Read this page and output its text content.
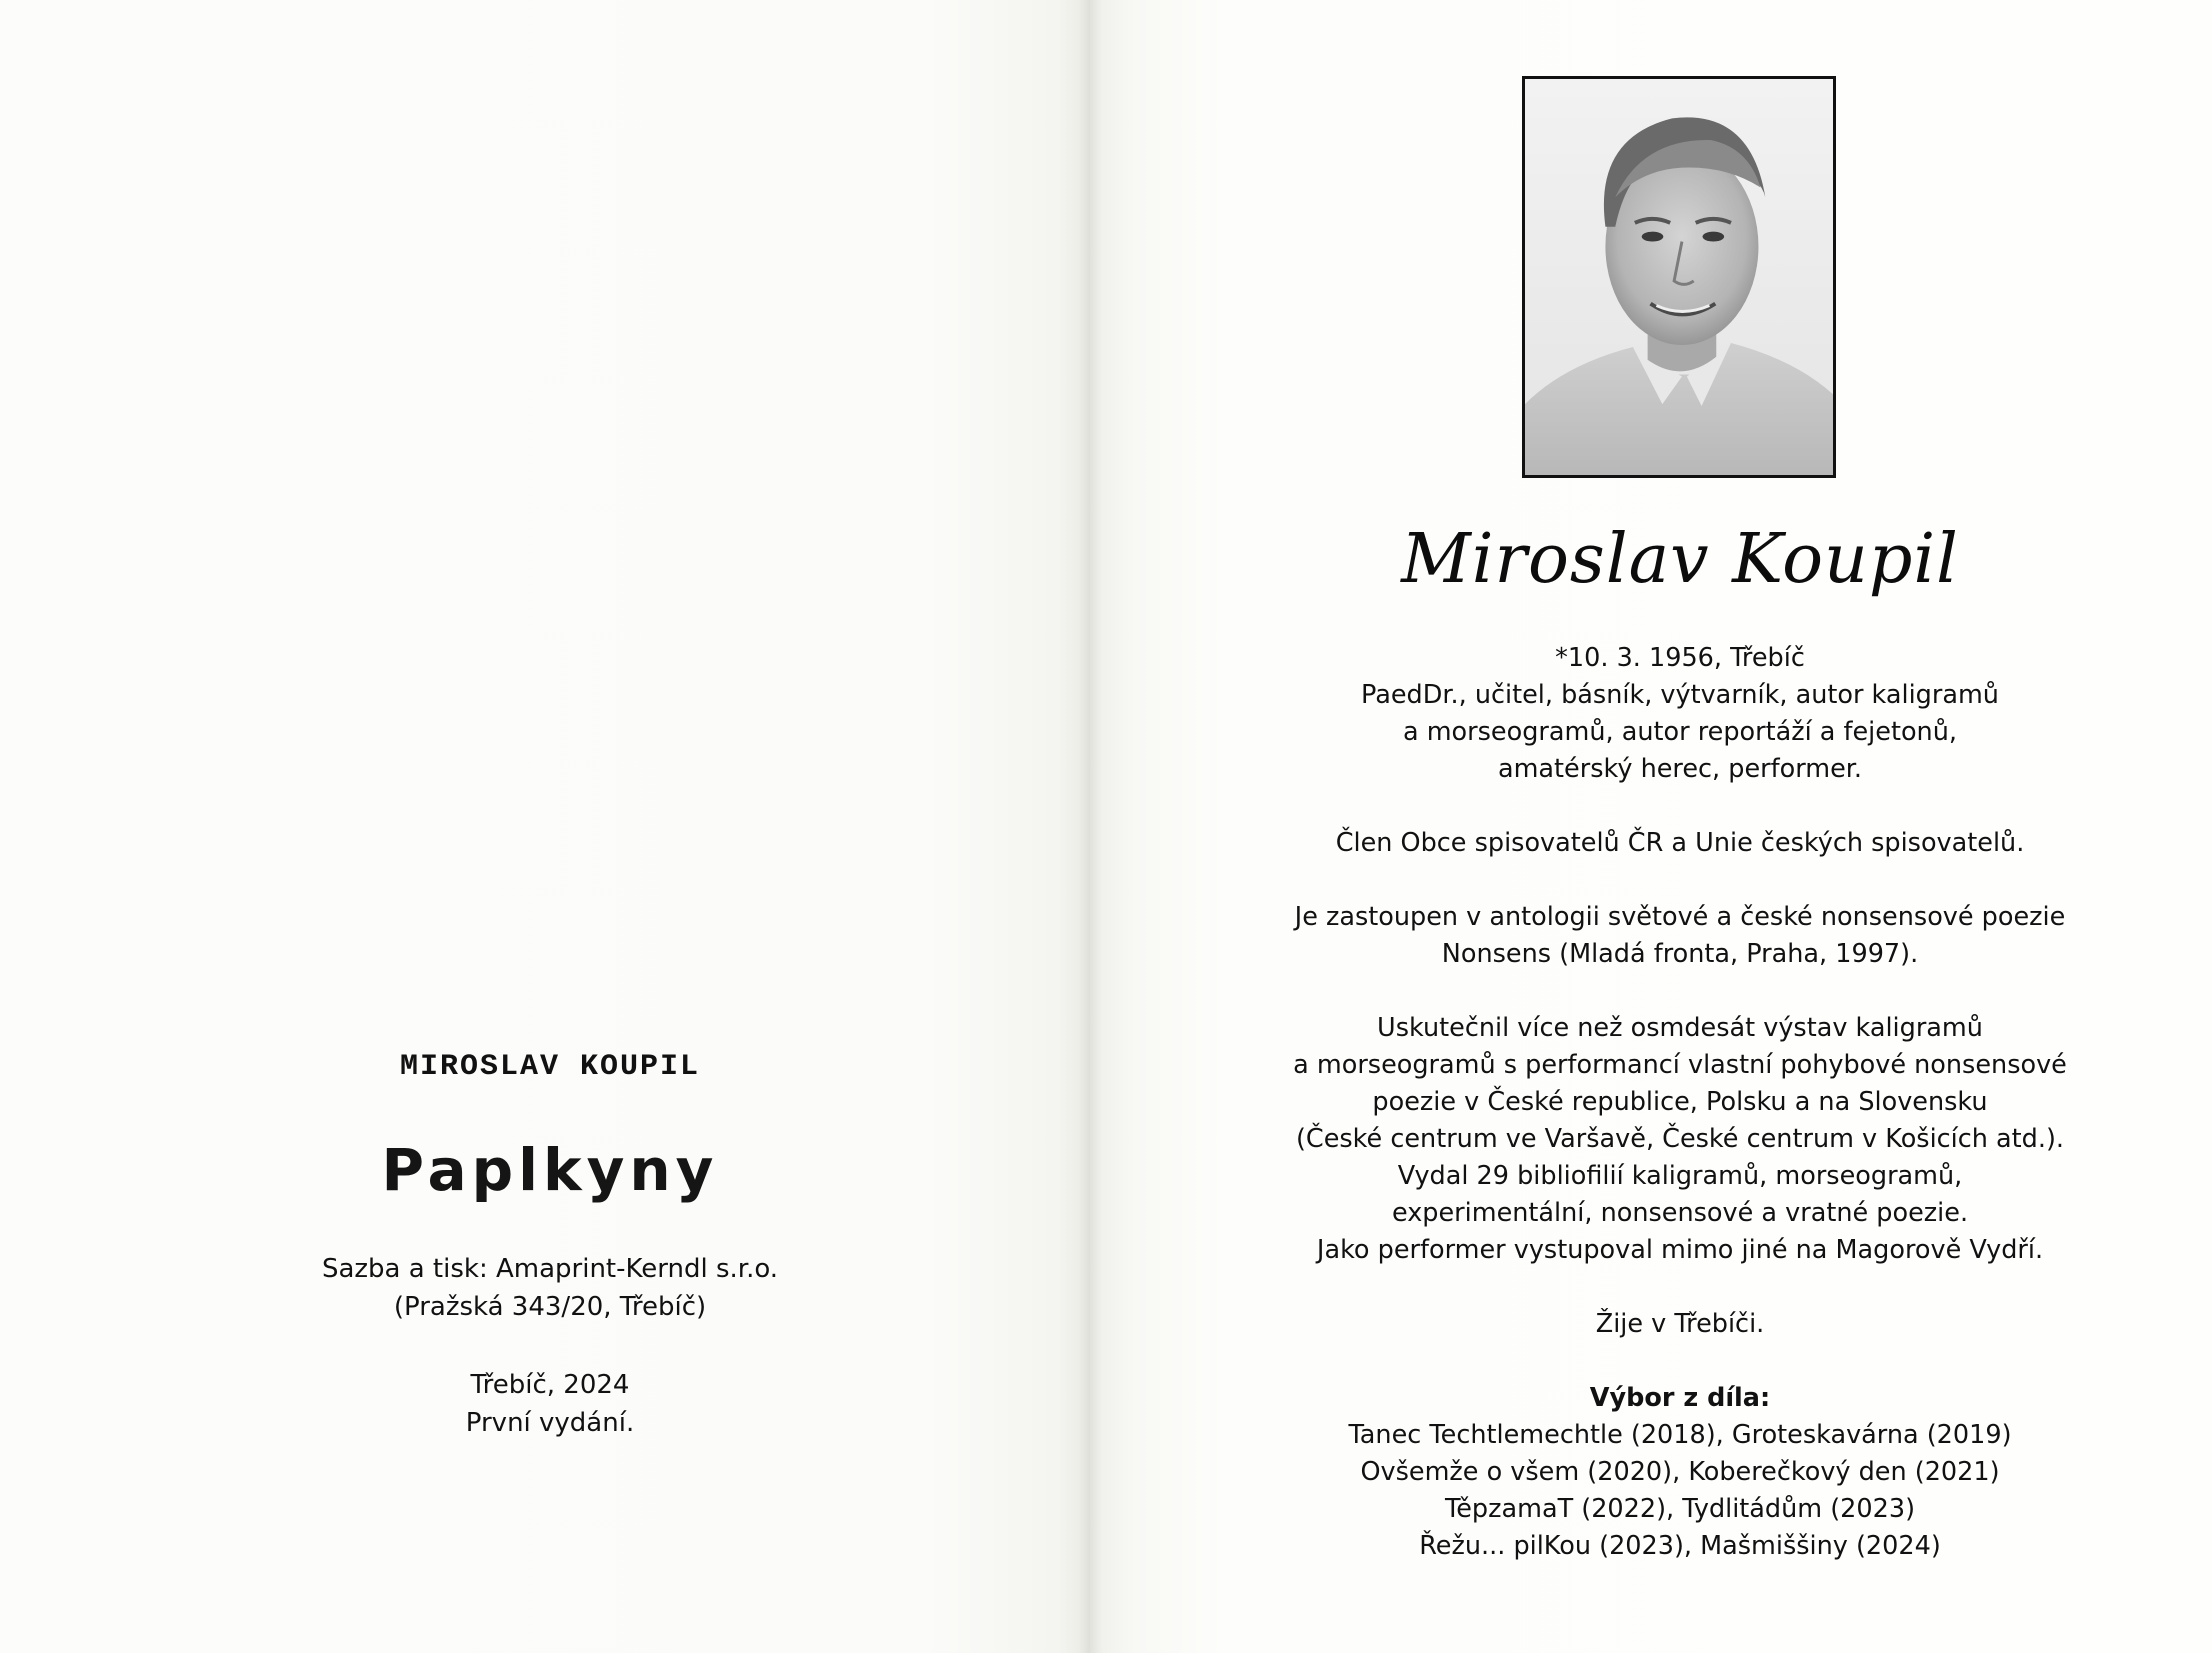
MIROSLAV KOUPIL

Paplkyny

Sazba a tisk: Amaprint-Kerndl s.r.o.
(Pražská 343/20, Třebíč)

Třebíč, 2024
První vydání.

Miroslav Koupil

*10. 3. 1956, Třebíč

PaedDr., učitel, básník, výtvarník, autor kaligramů

a morseogramů, autor reportáží a fejetonů,

amatérský herec, performer.

Člen Obce spisovatelů ČR a Unie českých spisovatelů.

Je zastoupen v antologii světové a české nonsensové poezie

Nonsens (Mladá fronta, Praha, 1997).

Uskutečnil více než osmdesát výstav kaligramů

a morseogramů s performancí vlastní pohybové nonsensové

poezie v České republice, Polsku a na Slovensku

(České centrum ve Varšavě, České centrum v Košicích atd.).

Vydal 29 bibliofilií kaligramů, morseogramů,

experimentální, nonsensové a vratné poezie.

Jako performer vystupoval mimo jiné na Magorově Vydří.

Žije v Třebíči.

Výbor z díla:

Tanec Techtlemechtle (2018), Groteskavárna (2019)

Ovšemže o všem (2020), Koberečkový den (2021)

TěpzamaT (2022), Tydlitádům (2023)

Řežu... pilKou (2023), Mašmiššiny (2024)
